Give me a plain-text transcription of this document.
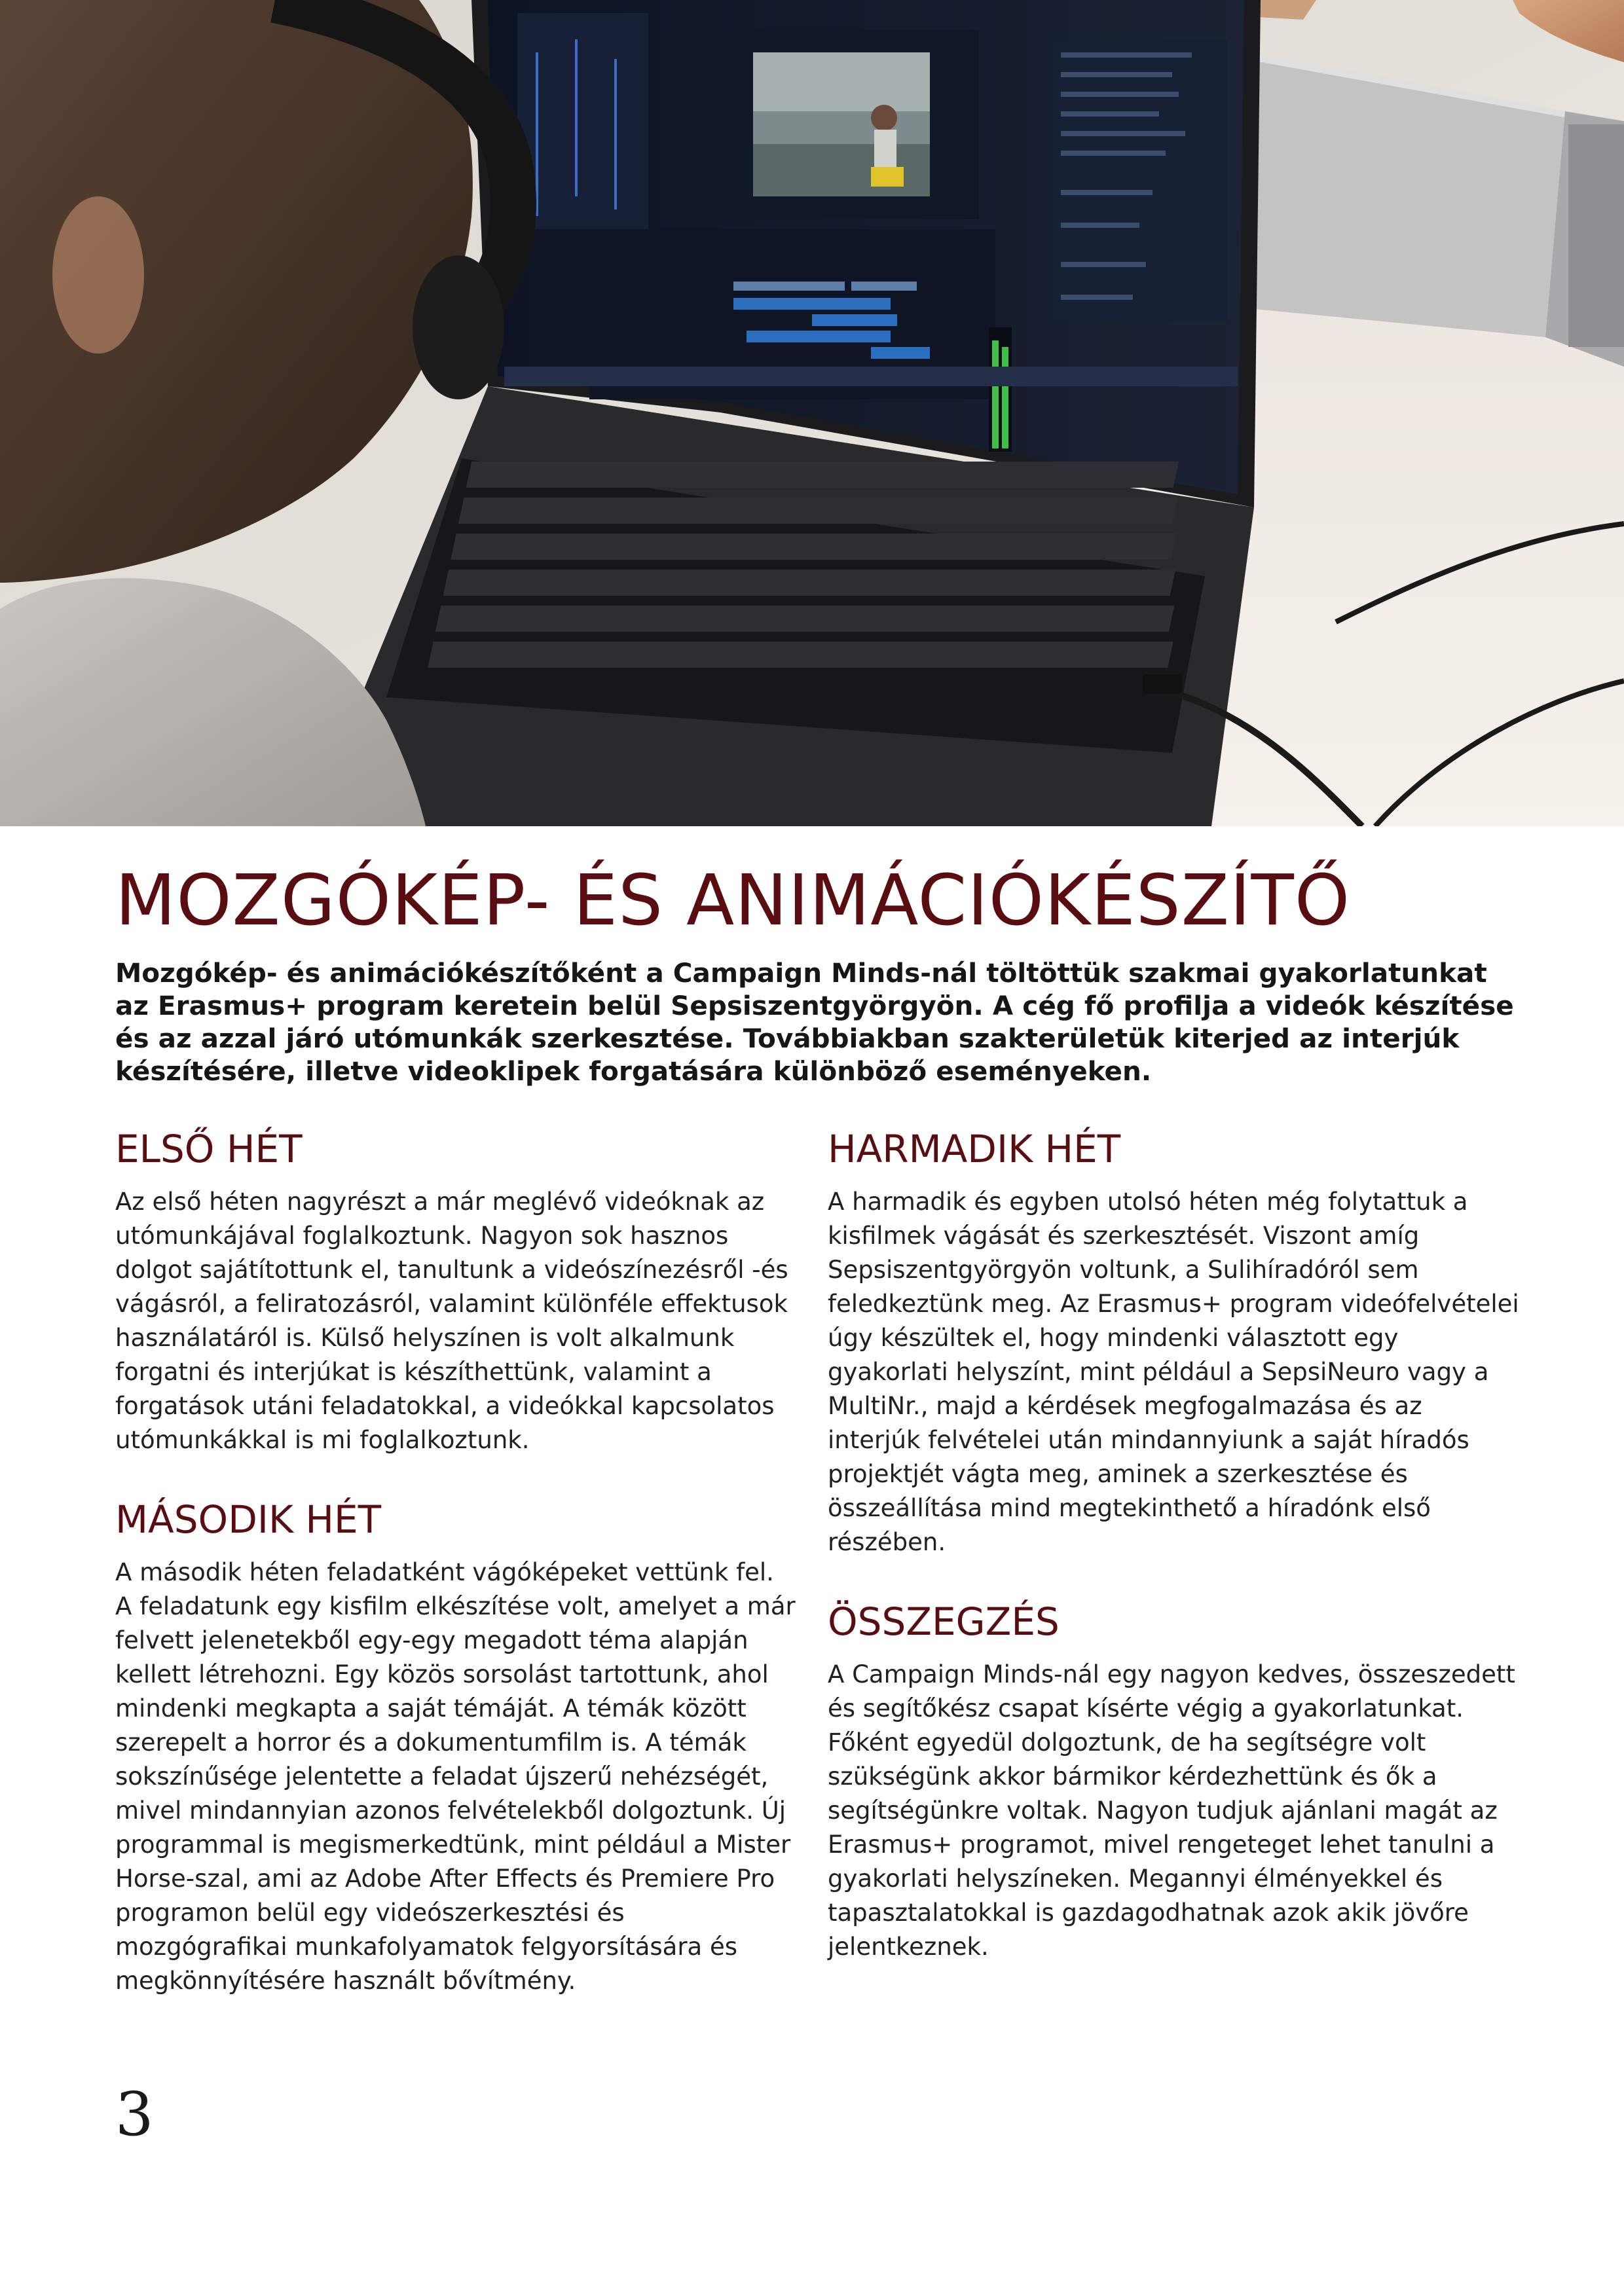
MOZGÓKÉP- ÉS ANIMÁCIÓKÉSZÍTŐ

Mozgókép- és animációkészítőként a Campaign Minds-nál töltöttük szakmai gyakorlatunkat az Erasmus+ program keretein belül Sepsiszentgyörgyön. A cég fő profilja a videók készítése és az azzal járó utómunkák szerkesztése. Továbbiakban szakterületük kiterjed az interjúk készítésére, illetve videoklipek forgatására különböző eseményeken.

ELSŐ HÉT

Az első héten nagyrészt a már meglévő videóknak az utómunkájával foglalkoztunk. Nagyon sok hasznos dolgot sajátítottunk el, tanultunk a videószínezésről -és vágásról, a feliratozásról, valamint különféle effektusok használatáról is. Külső helyszínen is volt alkalmunk forgatni és interjúkat is készíthettünk, valamint a forgatások utáni feladatokkal, a videókkal kapcsolatos utómunkákkal is mi foglalkoztunk.

MÁSODIK HÉT

A második héten feladatként vágóképeket vettünk fel. A feladatunk egy kisfilm elkészítése volt, amelyet a már felvett jelenetekből egy-egy megadott téma alapján kellett létrehozni. Egy közös sorsolást tartottunk, ahol mindenki megkapta a saját témáját. A témák között szerepelt a horror és a dokumentumfilm is. A témák sokszínűsége jelentette a feladat újszerű nehézségét, mivel mindannyian azonos felvételekből dolgoztunk. Új programmal is megismerkedtünk, mint például a Mister Horse-szal, ami az Adobe After Effects és Premiere Pro programon belül egy videószerkesztési és mozgógrafikai munkafolyamatok felgyorsítására és megkönnyítésére használt bővítmény.

HARMADIK HÉT

A harmadik és egyben utolsó héten még folytattuk a kisfilmek vágását és szerkesztését. Viszont amíg Sepsiszentgyörgyön voltunk, a Sulihíradóról sem feledkeztünk meg. Az Erasmus+ program videófelvételei úgy készültek el, hogy mindenki választott egy gyakorlati helyszínt, mint például a SepsiNeuro vagy a MultiNr., majd a kérdések megfogalmazása és az interjúk felvételei után mindannyiunk a saját híradós projektjét vágta meg, aminek a szerkesztése és összeállítása mind megtekinthető a híradónk első részében.

ÖSSZEGZÉS

A Campaign Minds-nál egy nagyon kedves, összeszedett és segítőkész csapat kísérte végig a gyakorlatunkat. Főként egyedül dolgoztunk, de ha segítségre volt szükségünk akkor bármikor kérdezhettünk és ők a segítségünkre voltak. Nagyon tudjuk ajánlani magát az Erasmus+ programot, mivel rengeteget lehet tanulni a gyakorlati helyszíneken. Megannyi élményekkel és tapasztalatokkal is gazdagodhatnak azok akik jövőre jelentkeznek.

3
